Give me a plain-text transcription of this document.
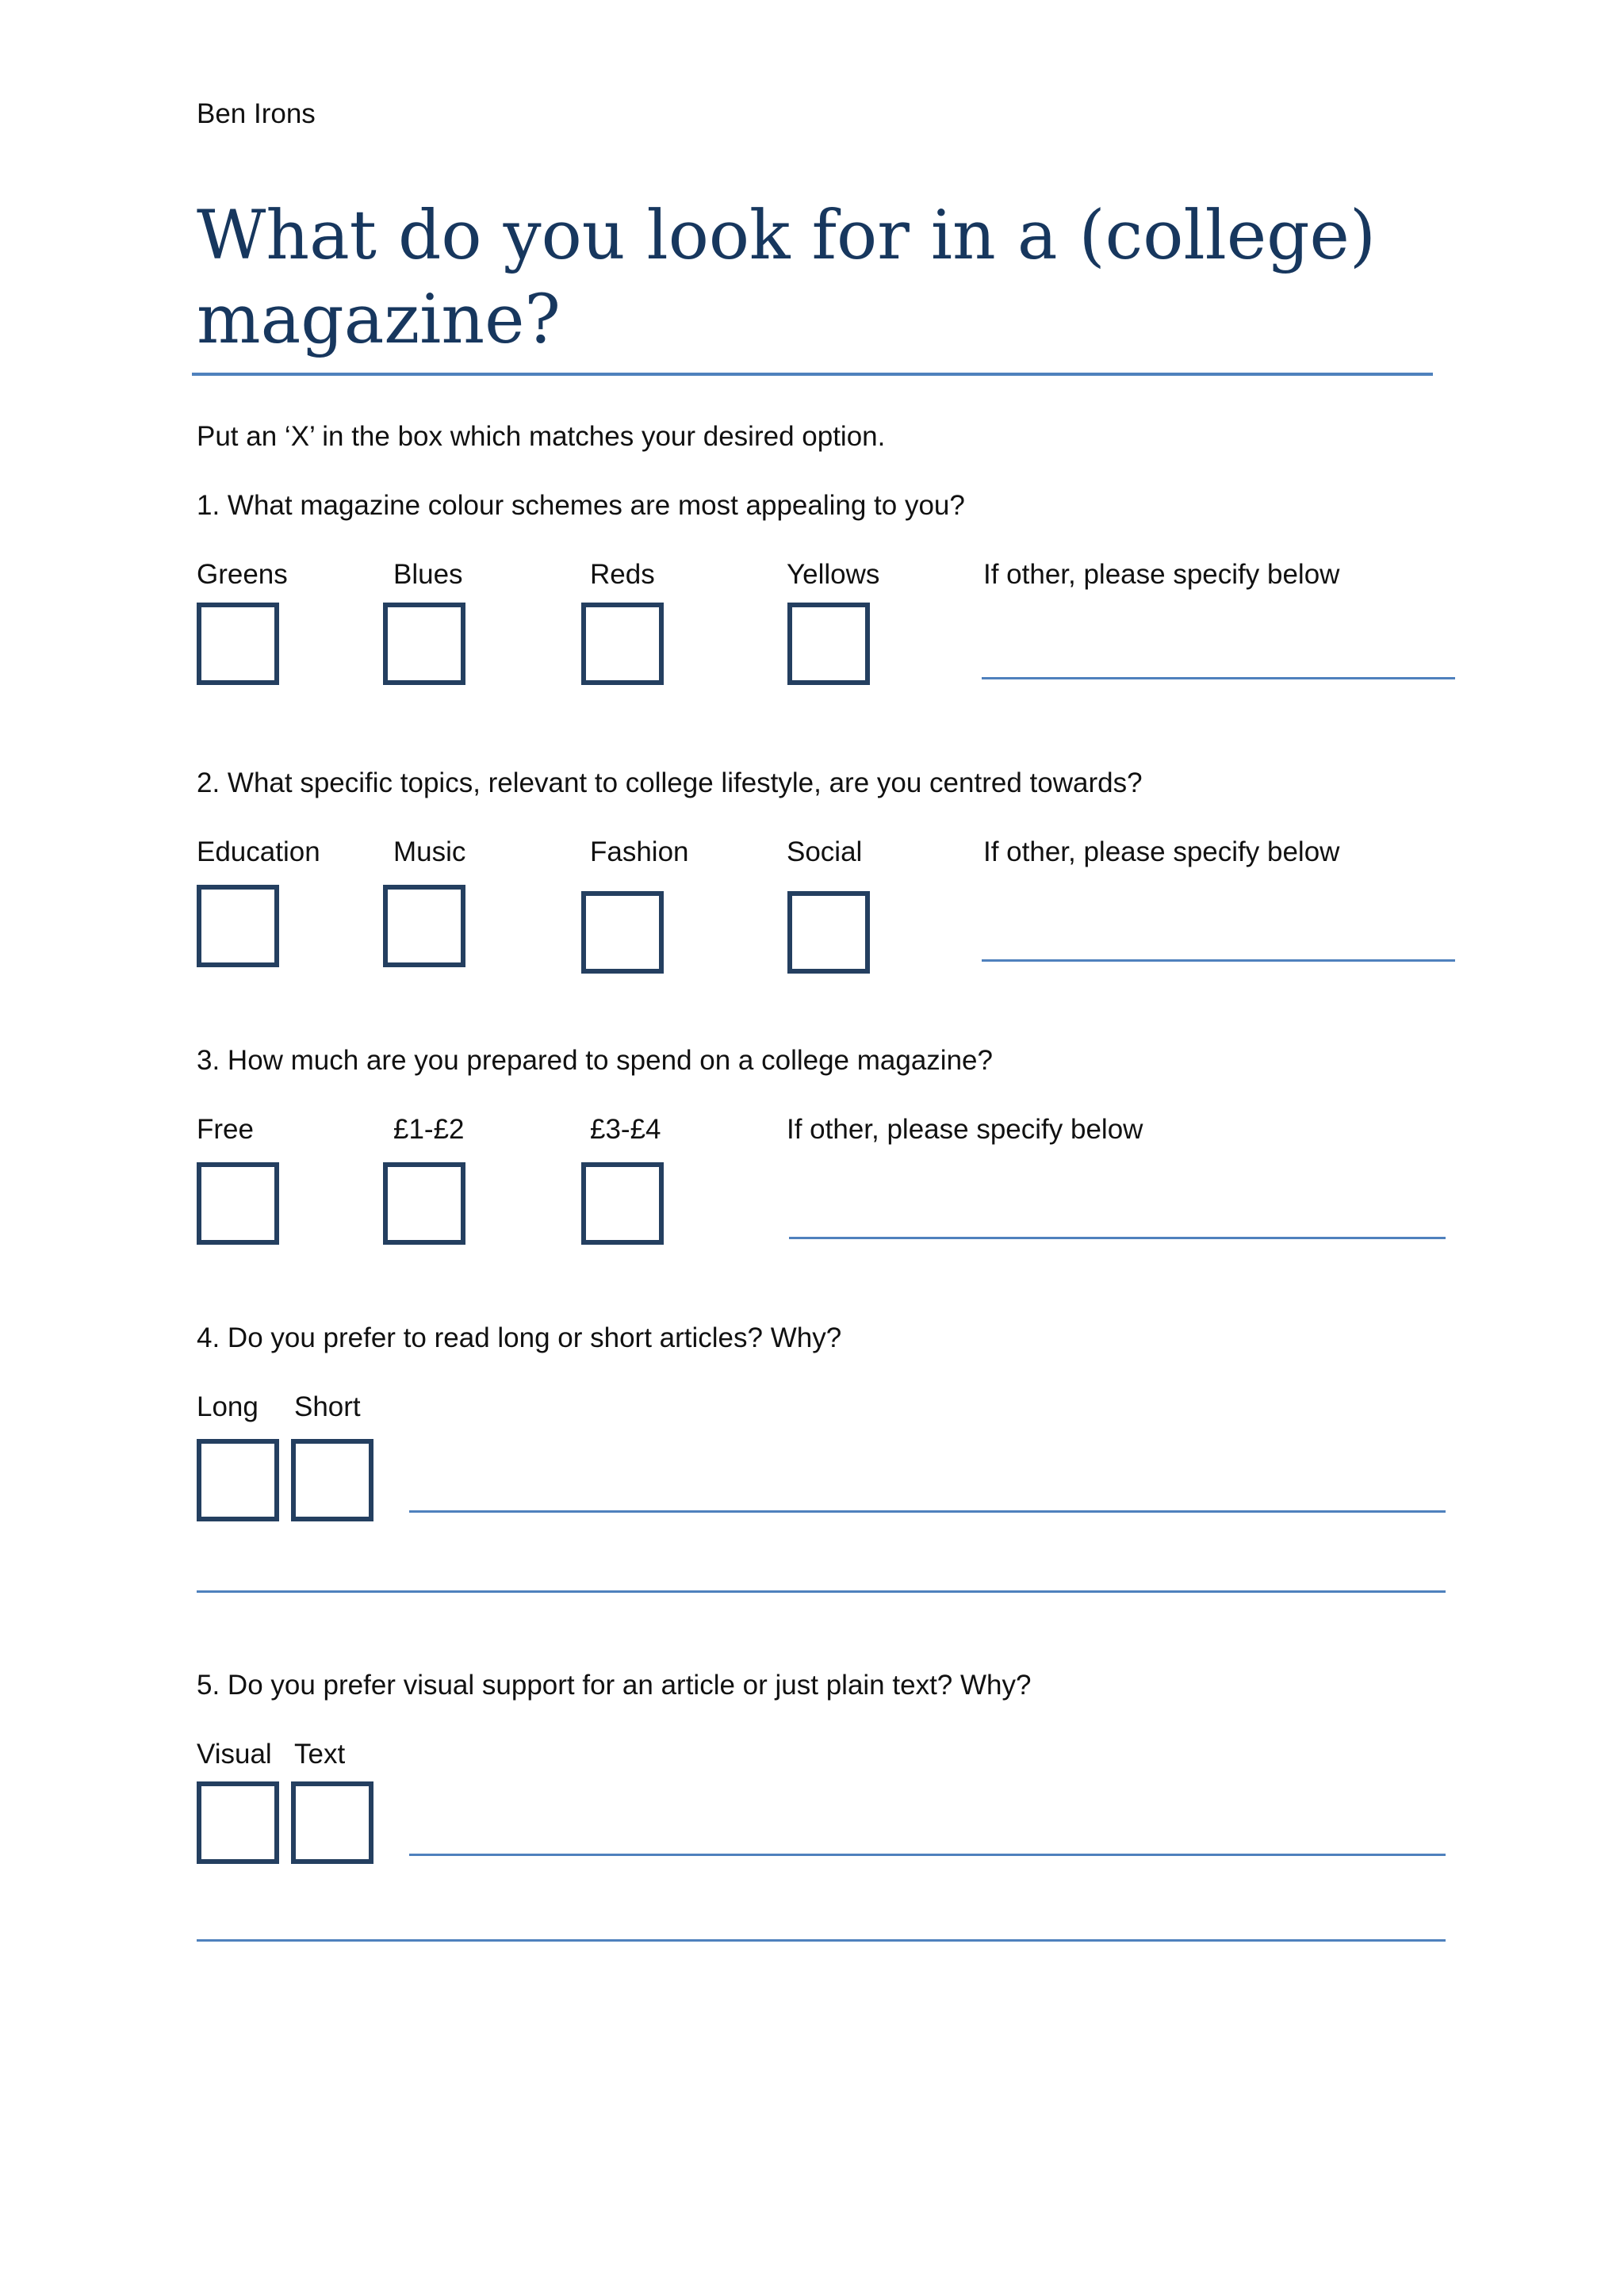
Ben Irons
What do you look for in a (college) magazine?
Put an ‘X’ in the box which matches your desired option.
1. What magazine colour schemes are most appealing to you?
Greens	Blues	Reds	Yellows	If other, please specify below
2. What specific topics, relevant to college lifestyle, are you centred towards?
Education	Music	Fashion	Social	If other, please specify below
3. How much are you prepared to spend on a college magazine?
Free	£1-£2	£3-£4	If other, please specify below
4. Do you prefer to read long or short articles? Why?
Long Short
5. Do you prefer visual support for an article or just plain text? Why?
Visual Text
